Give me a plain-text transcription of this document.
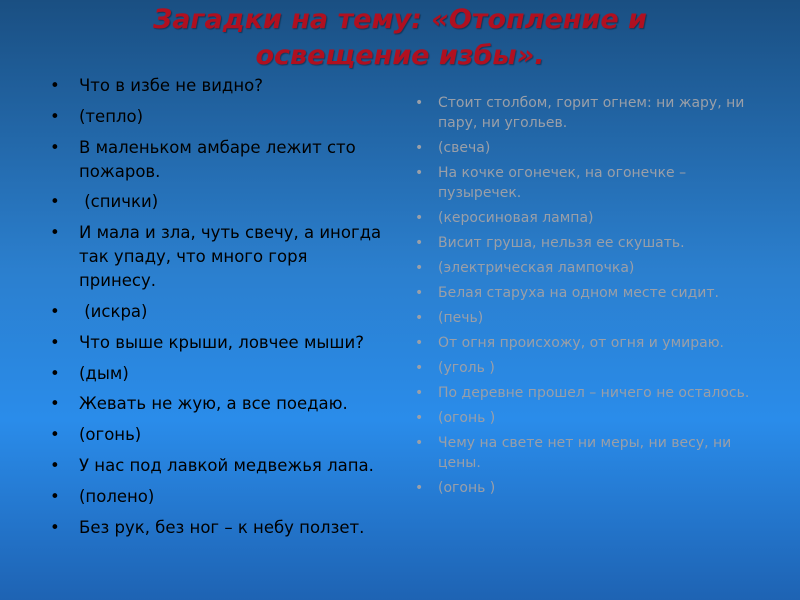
Загадки на тему: «Отопление и
освещение избы».
• Что в избе не видно?
• (тепло)
• В маленьком амбаре лежит сто пожаров.
•  (спички)
• И мала и зла, чуть свечу, а иногда так упаду, что много горя принесу.
•  (искра)
• Что выше крыши, ловчее мыши?
• (дым)
• Жевать не жую, а все поедаю.
• (огонь)
• У нас под лавкой медвежья лапа.
• (полено)
• Без рук, без ног – к небу ползет.
• Стоит столбом, горит огнем: ни жару, ни пару, ни угольев.
• (свеча)
• На кочке огонечек, на огонечке – пузыречек.
• (керосиновая лампа)
• Висит груша, нельзя ее скушать.
• (электрическая лампочка)
• Белая старуха на одном месте сидит.
• (печь)
• От огня происхожу, от огня и умираю.
• (уголь )
• По деревне прошел – ничего не осталось.
• (огонь )
• Чему на свете нет ни меры, ни весу, ни цены.
• (огонь )
